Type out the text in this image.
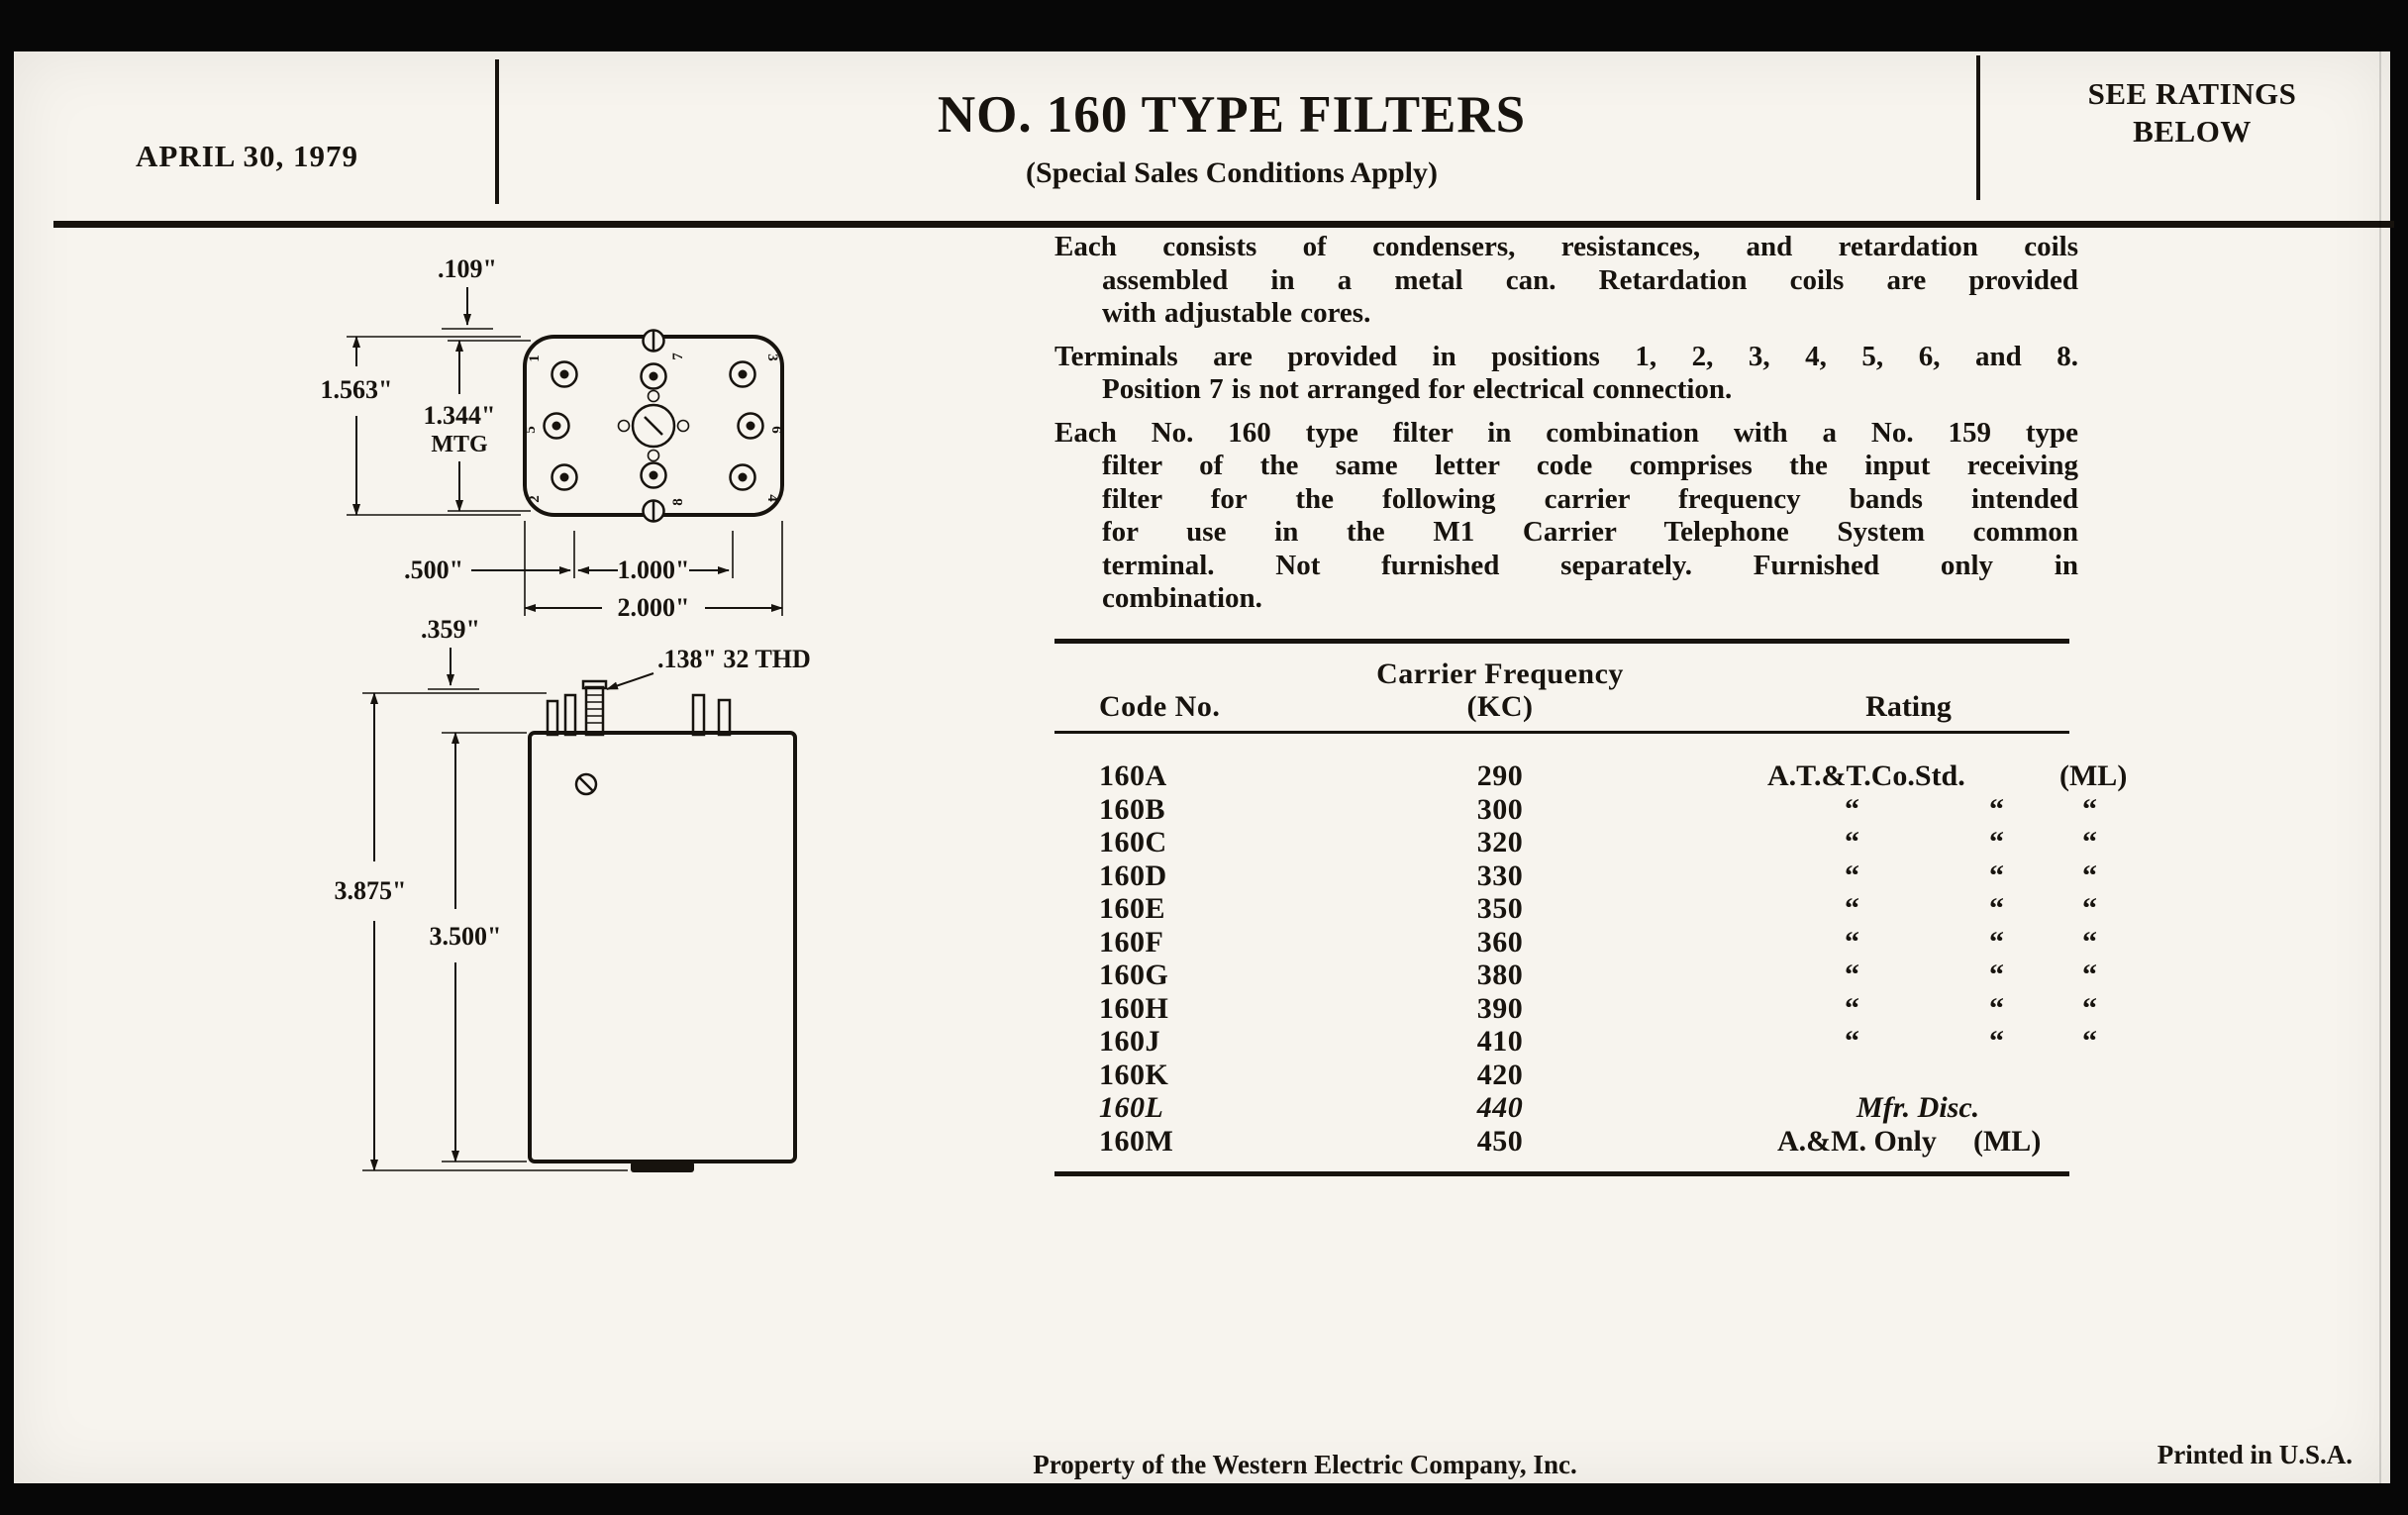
APRIL 30, 1979
NO. 160 TYPE FILTERS
(Special Sales Conditions Apply)
SEE RATINGS
BELOW
1	7	3
5	6
2	8
4
.109"
1.563"
1.344"
MTG
.500"	1.000"
2.000"
.359"
.138" 32 THD
3.875"
3.500"
Each consists of condensers, resistances, and retardation coils
assembled in a metal can. Retardation coils are provided
with adjustable cores.
Terminals are provided in positions 1, 2, 3, 4, 5, 6, and 8.
Position 7 is not arranged for electrical connection.
Each No. 160 type filter in combination with a No. 159 type
filter of the same letter code comprises the input receiving
filter for the following carrier frequency bands intended
for use in the M1 Carrier Telephone System common
terminal. Not furnished separately. Furnished only in
combination.
Code No.
Carrier Frequency
(KC)	Rating
160A	290	A.T.&T.Co.Std.	(ML)
160B	300	“	“	“
160C	320	“	“	“
160D	330	“	“	“
160E	350	“	“	“
160F	360	“	“	“
160G	380	“	“	“
160H	390	“	“	“
160J	410	“	“	“
160K	420
160L	440	Mfr. Disc.
160M	450	A.&M. Only (ML)
Property of the Western Electric Company, Inc.	Printed in U.S.A.
